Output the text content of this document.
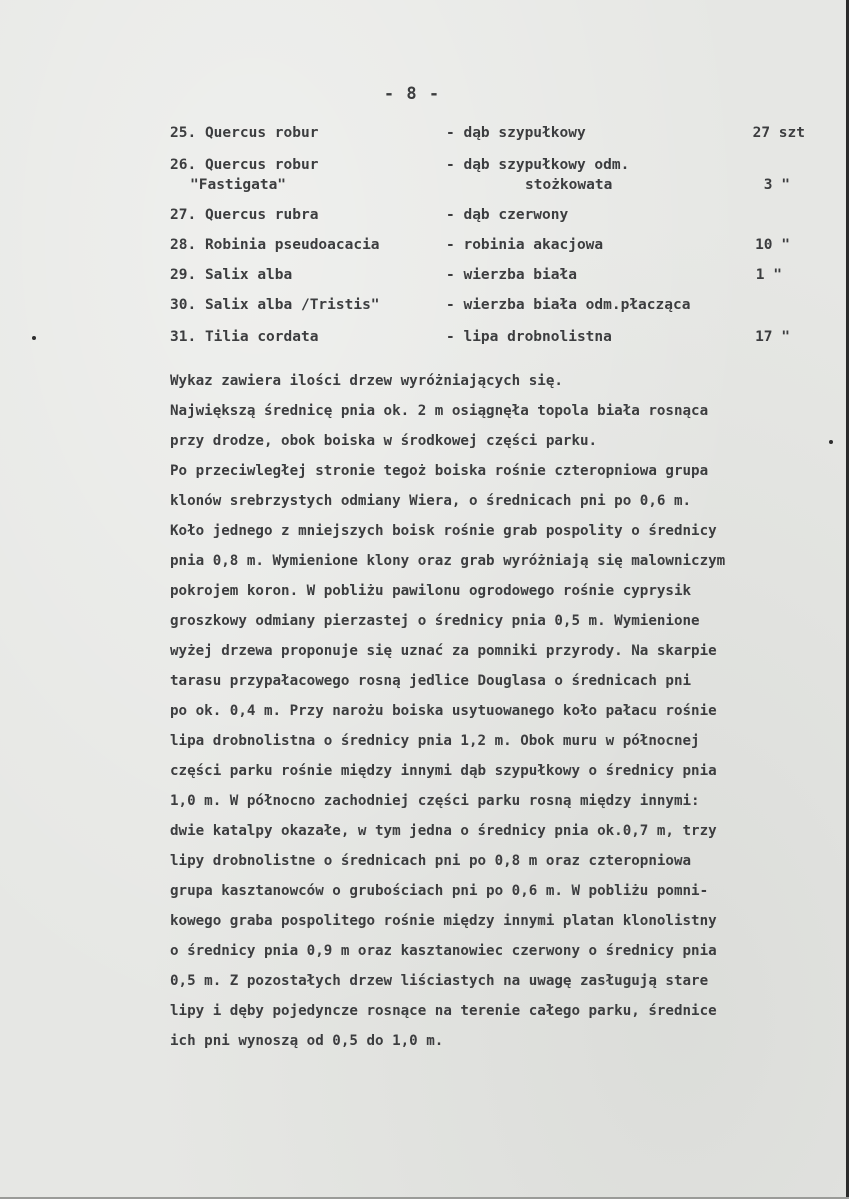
- 8 -
25. Quercus robur	- dąb szypułkowy	27 szt
26. Quercus robur	- dąb szypułkowy odm.
"Fastigata"	stożkowata	3 "
27. Quercus rubra	- dąb czerwony
28. Robinia pseudoacacia	- robinia akacjowa	10 "
29. Salix alba	- wierzba biała	1 "
30. Salix alba /Tristis"	- wierzba biała odm.płacząca
31. Tilia cordata	- lipa drobnolistna	17 "
Wykaz zawiera ilości drzew wyróżniających się.
Największą średnicę pnia ok. 2 m osiągnęła topola biała rosnąca
przy drodze, obok boiska w środkowej części parku.
Po przeciwległej stronie tegoż boiska rośnie czteropniowa grupa
klonów srebrzystych odmiany Wiera, o średnicach pni po 0,6 m.
Koło jednego z mniejszych boisk rośnie grab pospolity o średnicy
pnia 0,8 m. Wymienione klony oraz grab wyróżniają się malowniczym
pokrojem koron. W pobliżu pawilonu ogrodowego rośnie cyprysik
groszkowy odmiany pierzastej o średnicy pnia 0,5 m. Wymienione
wyżej drzewa proponuje się uznać za pomniki przyrody. Na skarpie
tarasu przypałacowego rosną jedlice Douglasa o średnicach pni
po ok. 0,4 m. Przy narożu boiska usytuowanego koło pałacu rośnie
lipa drobnolistna o średnicy pnia 1,2 m. Obok muru w północnej
części parku rośnie między innymi dąb szypułkowy o średnicy pnia
1,0 m. W północno zachodniej części parku rosną między innymi:
dwie katalpy okazałe, w tym jedna o średnicy pnia ok.0,7 m, trzy
lipy drobnolistne o średnicach pni po 0,8 m oraz czteropniowa
grupa kasztanowców o grubościach pni po 0,6 m. W pobliżu pomni-
kowego graba pospolitego rośnie między innymi platan klonolistny
o średnicy pnia 0,9 m oraz kasztanowiec czerwony o średnicy pnia
0,5 m. Z pozostałych drzew liściastych na uwagę zasługują stare
lipy i dęby pojedyncze rosnące na terenie całego parku, średnice
ich pni wynoszą od 0,5 do 1,0 m.
